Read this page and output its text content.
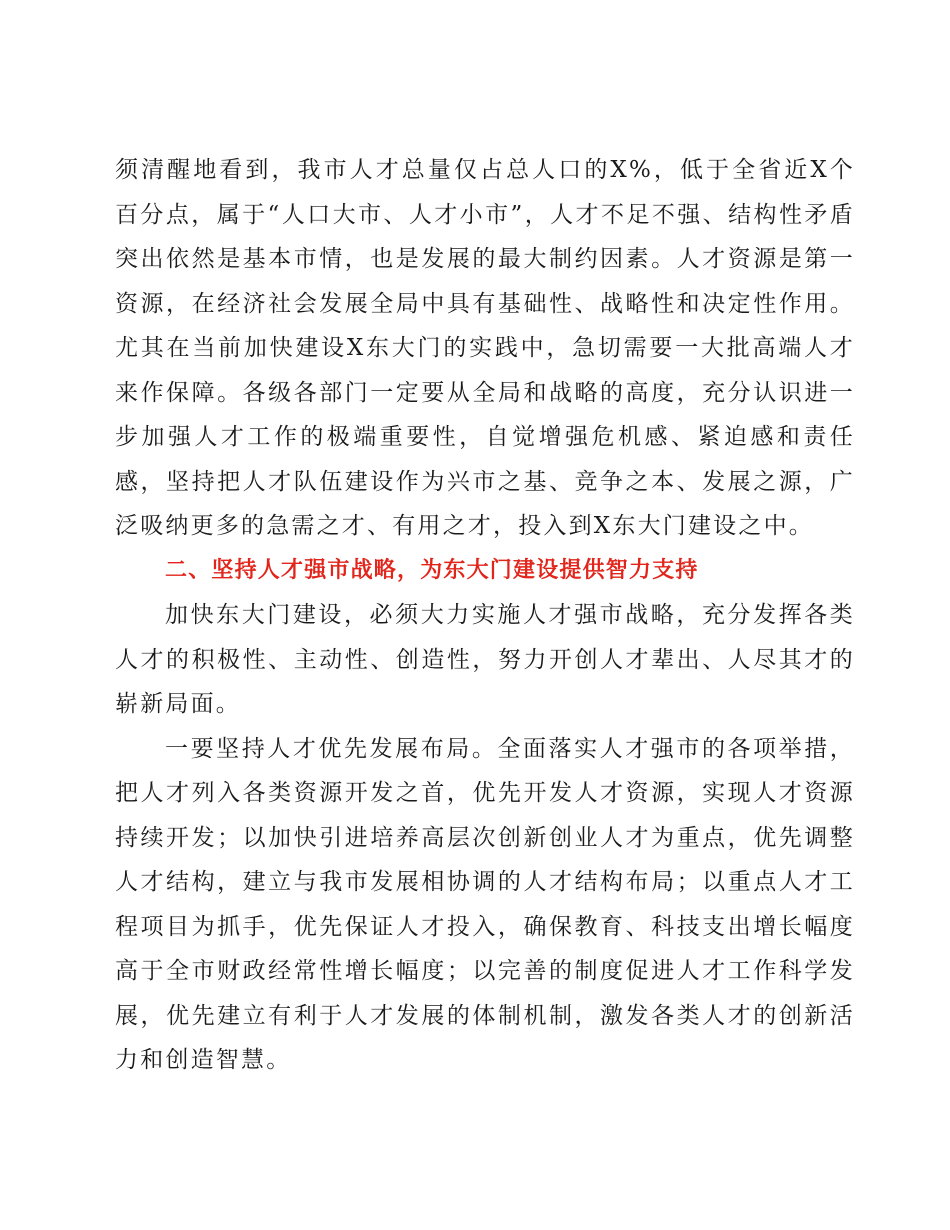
须清醒地看到，我市人才总量仅占总人口的X%，低于全省近X个百分点，属于“人口大市、人才小市”，人才不足不强、结构性矛盾突出依然是基本市情，也是发展的最大制约因素。人才资源是第一资源，在经济社会发展全局中具有基础性、战略性和决定性作用。尤其在当前加快建设X东大门的实践中，急切需要一大批高端人才来作保障。各级各部门一定要从全局和战略的高度，充分认识进一步加强人才工作的极端重要性，自觉增强危机感、紧迫感和责任感，坚持把人才队伍建设作为兴市之基、竞争之本、发展之源，广泛吸纳更多的急需之才、有用之才，投入到X东大门建设之中。

二、坚持人才强市战略，为东大门建设提供智力支持

加快东大门建设，必须大力实施人才强市战略，充分发挥各类人才的积极性、主动性、创造性，努力开创人才辈出、人尽其才的崭新局面。

一要坚持人才优先发展布局。全面落实人才强市的各项举措，把人才列入各类资源开发之首，优先开发人才资源，实现人才资源持续开发；以加快引进培养高层次创新创业人才为重点，优先调整人才结构，建立与我市发展相协调的人才结构布局；以重点人才工程项目为抓手，优先保证人才投入，确保教育、科技支出增长幅度高于全市财政经常性增长幅度；以完善的制度促进人才工作科学发展，优先建立有利于人才发展的体制机制，激发各类人才的创新活力和创造智慧。
